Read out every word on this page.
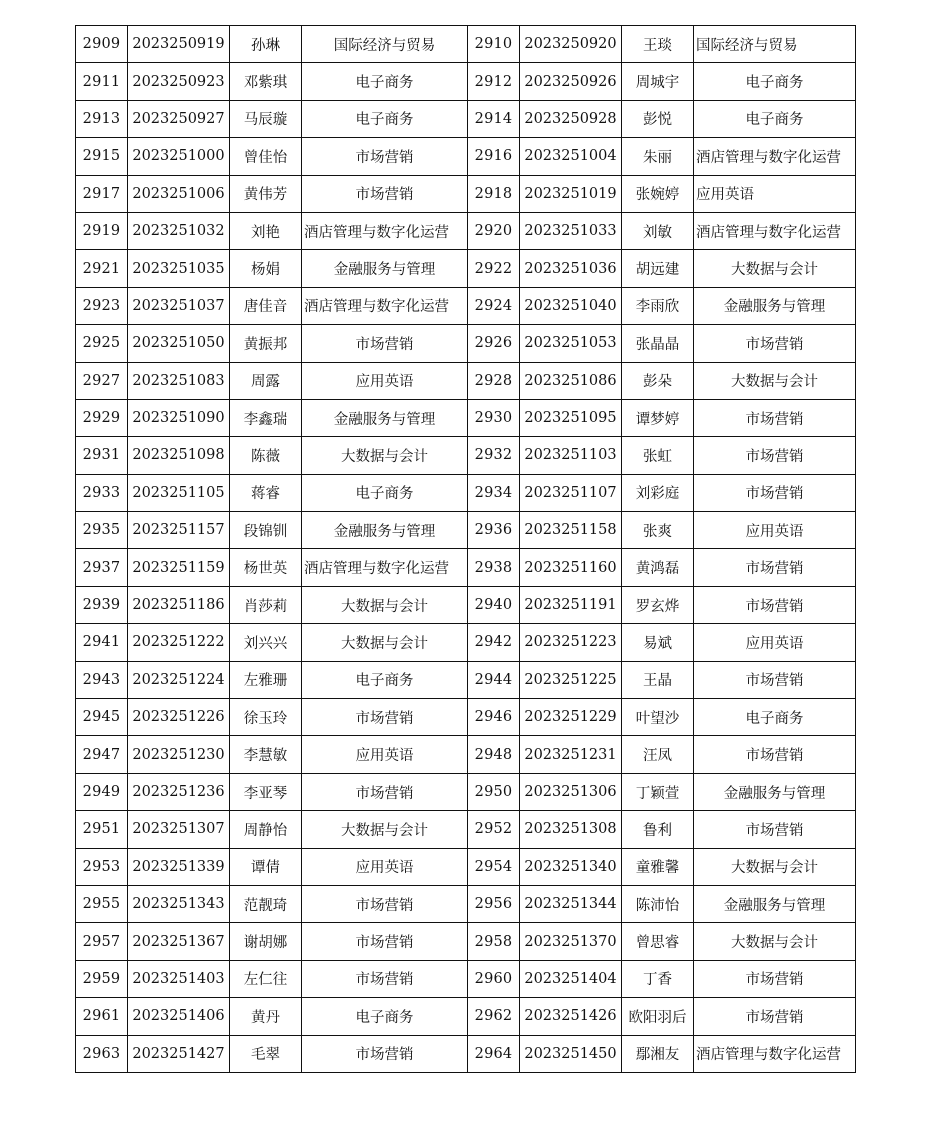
2909	2023250919	孙琳	国际经济与贸易	2910	2023250920	王琰	国际经济与贸易
2911	2023250923	邓紫琪	电子商务	2912	2023250926	周城宇	电子商务
2913	2023250927	马辰璇	电子商务	2914	2023250928	彭悦	电子商务
2915	2023251000	曾佳怡	市场营销	2916	2023251004	朱丽	酒店管理与数字化运营
2917	2023251006	黄伟芳	市场营销	2918	2023251019	张婉婷	应用英语
2919	2023251032	刘艳	酒店管理与数字化运营	2920	2023251033	刘敏	酒店管理与数字化运营
2921	2023251035	杨娟	金融服务与管理	2922	2023251036	胡远建	大数据与会计
2923	2023251037	唐佳音	酒店管理与数字化运营	2924	2023251040	李雨欣	金融服务与管理
2925	2023251050	黄振邦	市场营销	2926	2023251053	张晶晶	市场营销
2927	2023251083	周露	应用英语	2928	2023251086	彭朵	大数据与会计
2929	2023251090	李鑫瑞	金融服务与管理	2930	2023251095	谭梦婷	市场营销
2931	2023251098	陈薇	大数据与会计	2932	2023251103	张虹	市场营销
2933	2023251105	蒋睿	电子商务	2934	2023251107	刘彩庭	市场营销
2935	2023251157	段锦钏	金融服务与管理	2936	2023251158	张爽	应用英语
2937	2023251159	杨世英	酒店管理与数字化运营	2938	2023251160	黄鸿磊	市场营销
2939	2023251186	肖莎莉	大数据与会计	2940	2023251191	罗玄烨	市场营销
2941	2023251222	刘兴兴	大数据与会计	2942	2023251223	易斌	应用英语
2943	2023251224	左雅珊	电子商务	2944	2023251225	王晶	市场营销
2945	2023251226	徐玉玲	市场营销	2946	2023251229	叶望沙	电子商务
2947	2023251230	李慧敏	应用英语	2948	2023251231	汪凤	市场营销
2949	2023251236	李亚琴	市场营销	2950	2023251306	丁颖萱	金融服务与管理
2951	2023251307	周静怡	大数据与会计	2952	2023251308	鲁利	市场营销
2953	2023251339	谭倩	应用英语	2954	2023251340	童雅馨	大数据与会计
2955	2023251343	范靓琦	市场营销	2956	2023251344	陈沛怡	金融服务与管理
2957	2023251367	谢胡娜	市场营销	2958	2023251370	曾思睿	大数据与会计
2959	2023251403	左仁往	市场营销	2960	2023251404	丁香	市场营销
2961	2023251406	黄丹	电子商务	2962	2023251426	欧阳羽后	市场营销
2963	2023251427	毛翠	市场营销	2964	2023251450	鄢湘友	酒店管理与数字化运营
